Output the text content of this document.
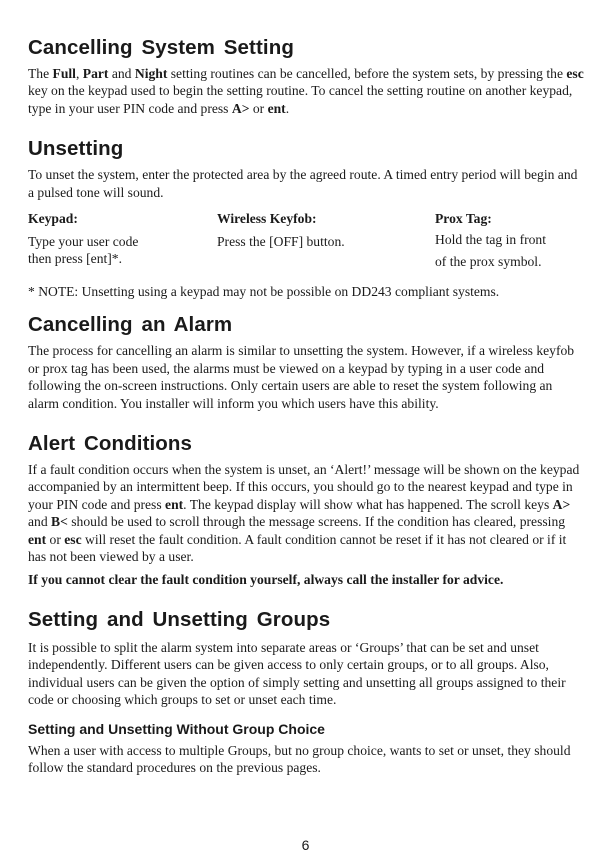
Cancelling System Setting

The Full, Part and Night setting routines can be cancelled, before the system sets, by pressing the esc key on the keypad used to begin the setting routine. To cancel the setting routine on another keypad, type in your user PIN code and press A> or ent.

Unsetting

To unset the system, enter the protected area by the agreed route. A timed entry period will begin and a pulsed tone will sound.

Keypad:
Type your user code
then press [ent]*.
Wireless Keyfob:
Press the [OFF] button.
Prox Tag:
Hold the tag in front
of the prox symbol.
* NOTE: Unsetting using a keypad may not be possible on DD243 compliant systems.
Cancelling an Alarm

The process for cancelling an alarm is similar to unsetting the system. However, if a wireless keyfob or prox tag has been used, the alarms must be viewed on a keypad by typing in a user code and following the on-screen instructions. Only certain users are able to reset the system following an alarm condition. You installer will inform you which users have this ability.

Alert Conditions

If a fault condition occurs when the system is unset, an ‘Alert!’ message will be shown on the keypad accompanied by an intermittent beep. If this occurs, you should go to the nearest keypad and type in your PIN code and press ent. The keypad display will show what has happened. The scroll keys A> and B< should be used to scroll through the message screens. If the condition has cleared, pressing ent or esc will reset the fault condition. A fault condition cannot be reset if it has not cleared or if it has not been viewed by a user.

If you cannot clear the fault condition yourself, always call the installer for advice.

Setting and Unsetting Groups

It is possible to split the alarm system into separate areas or ‘Groups’ that can be set and unset independently. Different users can be given access to only certain groups, or to all groups. Also, individual users can be given the option of simply setting and unsetting all groups assigned to their code or choosing which groups to set or unset each time.

Setting and Unsetting Without Group Choice

When a user with access to multiple Groups, but no group choice, wants to set or unset, they should follow the standard procedures on the previous pages.

6
